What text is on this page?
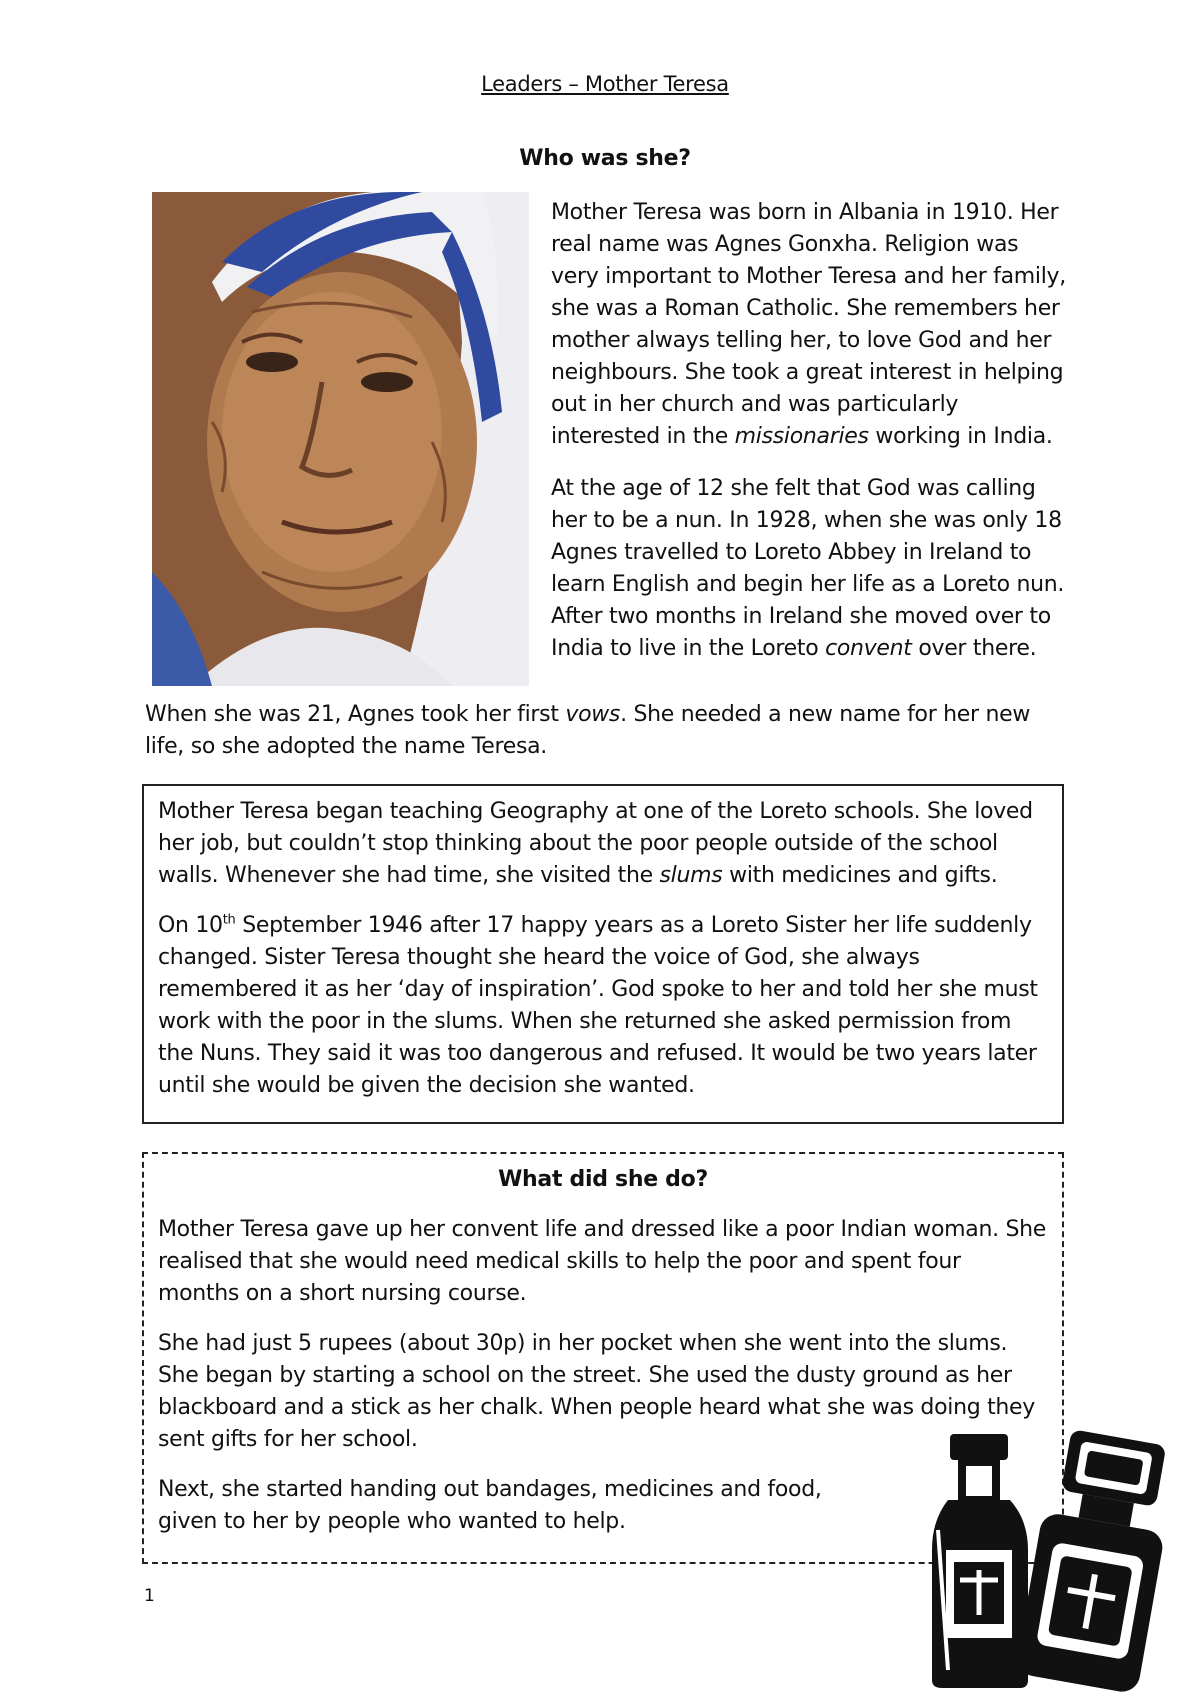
Leaders – Mother Teresa
Who was she?

Mother Teresa was born in Albania in 1910. Her real name was Agnes Gonxha. Religion was very important to Mother Teresa and her family, she was a Roman Catholic. She remembers her mother always telling her, to love God and her neighbours. She took a great interest in helping out in her church and was particularly interested in the missionaries working in India.

At the age of 12 she felt that God was calling her to be a nun. In 1928, when she was only 18 Agnes travelled to Loreto Abbey in Ireland to learn English and begin her life as a Loreto nun. After two months in Ireland she moved over to India to live in the Loreto convent over there.

When she was 21, Agnes took her first vows. She needed a new name for her new life, so she adopted the name Teresa.

Mother Teresa began teaching Geography at one of the Loreto schools. She loved her job, but couldn’t stop thinking about the poor people outside of the school walls. Whenever she had time, she visited the slums with medicines and gifts.

On 10th September 1946 after 17 happy years as a Loreto Sister her life suddenly changed. Sister Teresa thought she heard the voice of God, she always remembered it as her ‘day of inspiration’. God spoke to her and told her she must work with the poor in the slums. When she returned she asked permission from the Nuns. They said it was too dangerous and refused. It would be two years later until she would be given the decision she wanted.

What did she do?

Mother Teresa gave up her convent life and dressed like a poor Indian woman. She realised that she would need medical skills to help the poor and spent four months on a short nursing course.

She had just 5 rupees (about 30p) in her pocket when she went into the slums. She began by starting a school on the street. She used the dusty ground as her blackboard and a stick as her chalk. When people heard what she was doing they sent gifts for her school.

Next, she started handing out bandages, medicines and food,
given to her by people who wanted to help.

1
